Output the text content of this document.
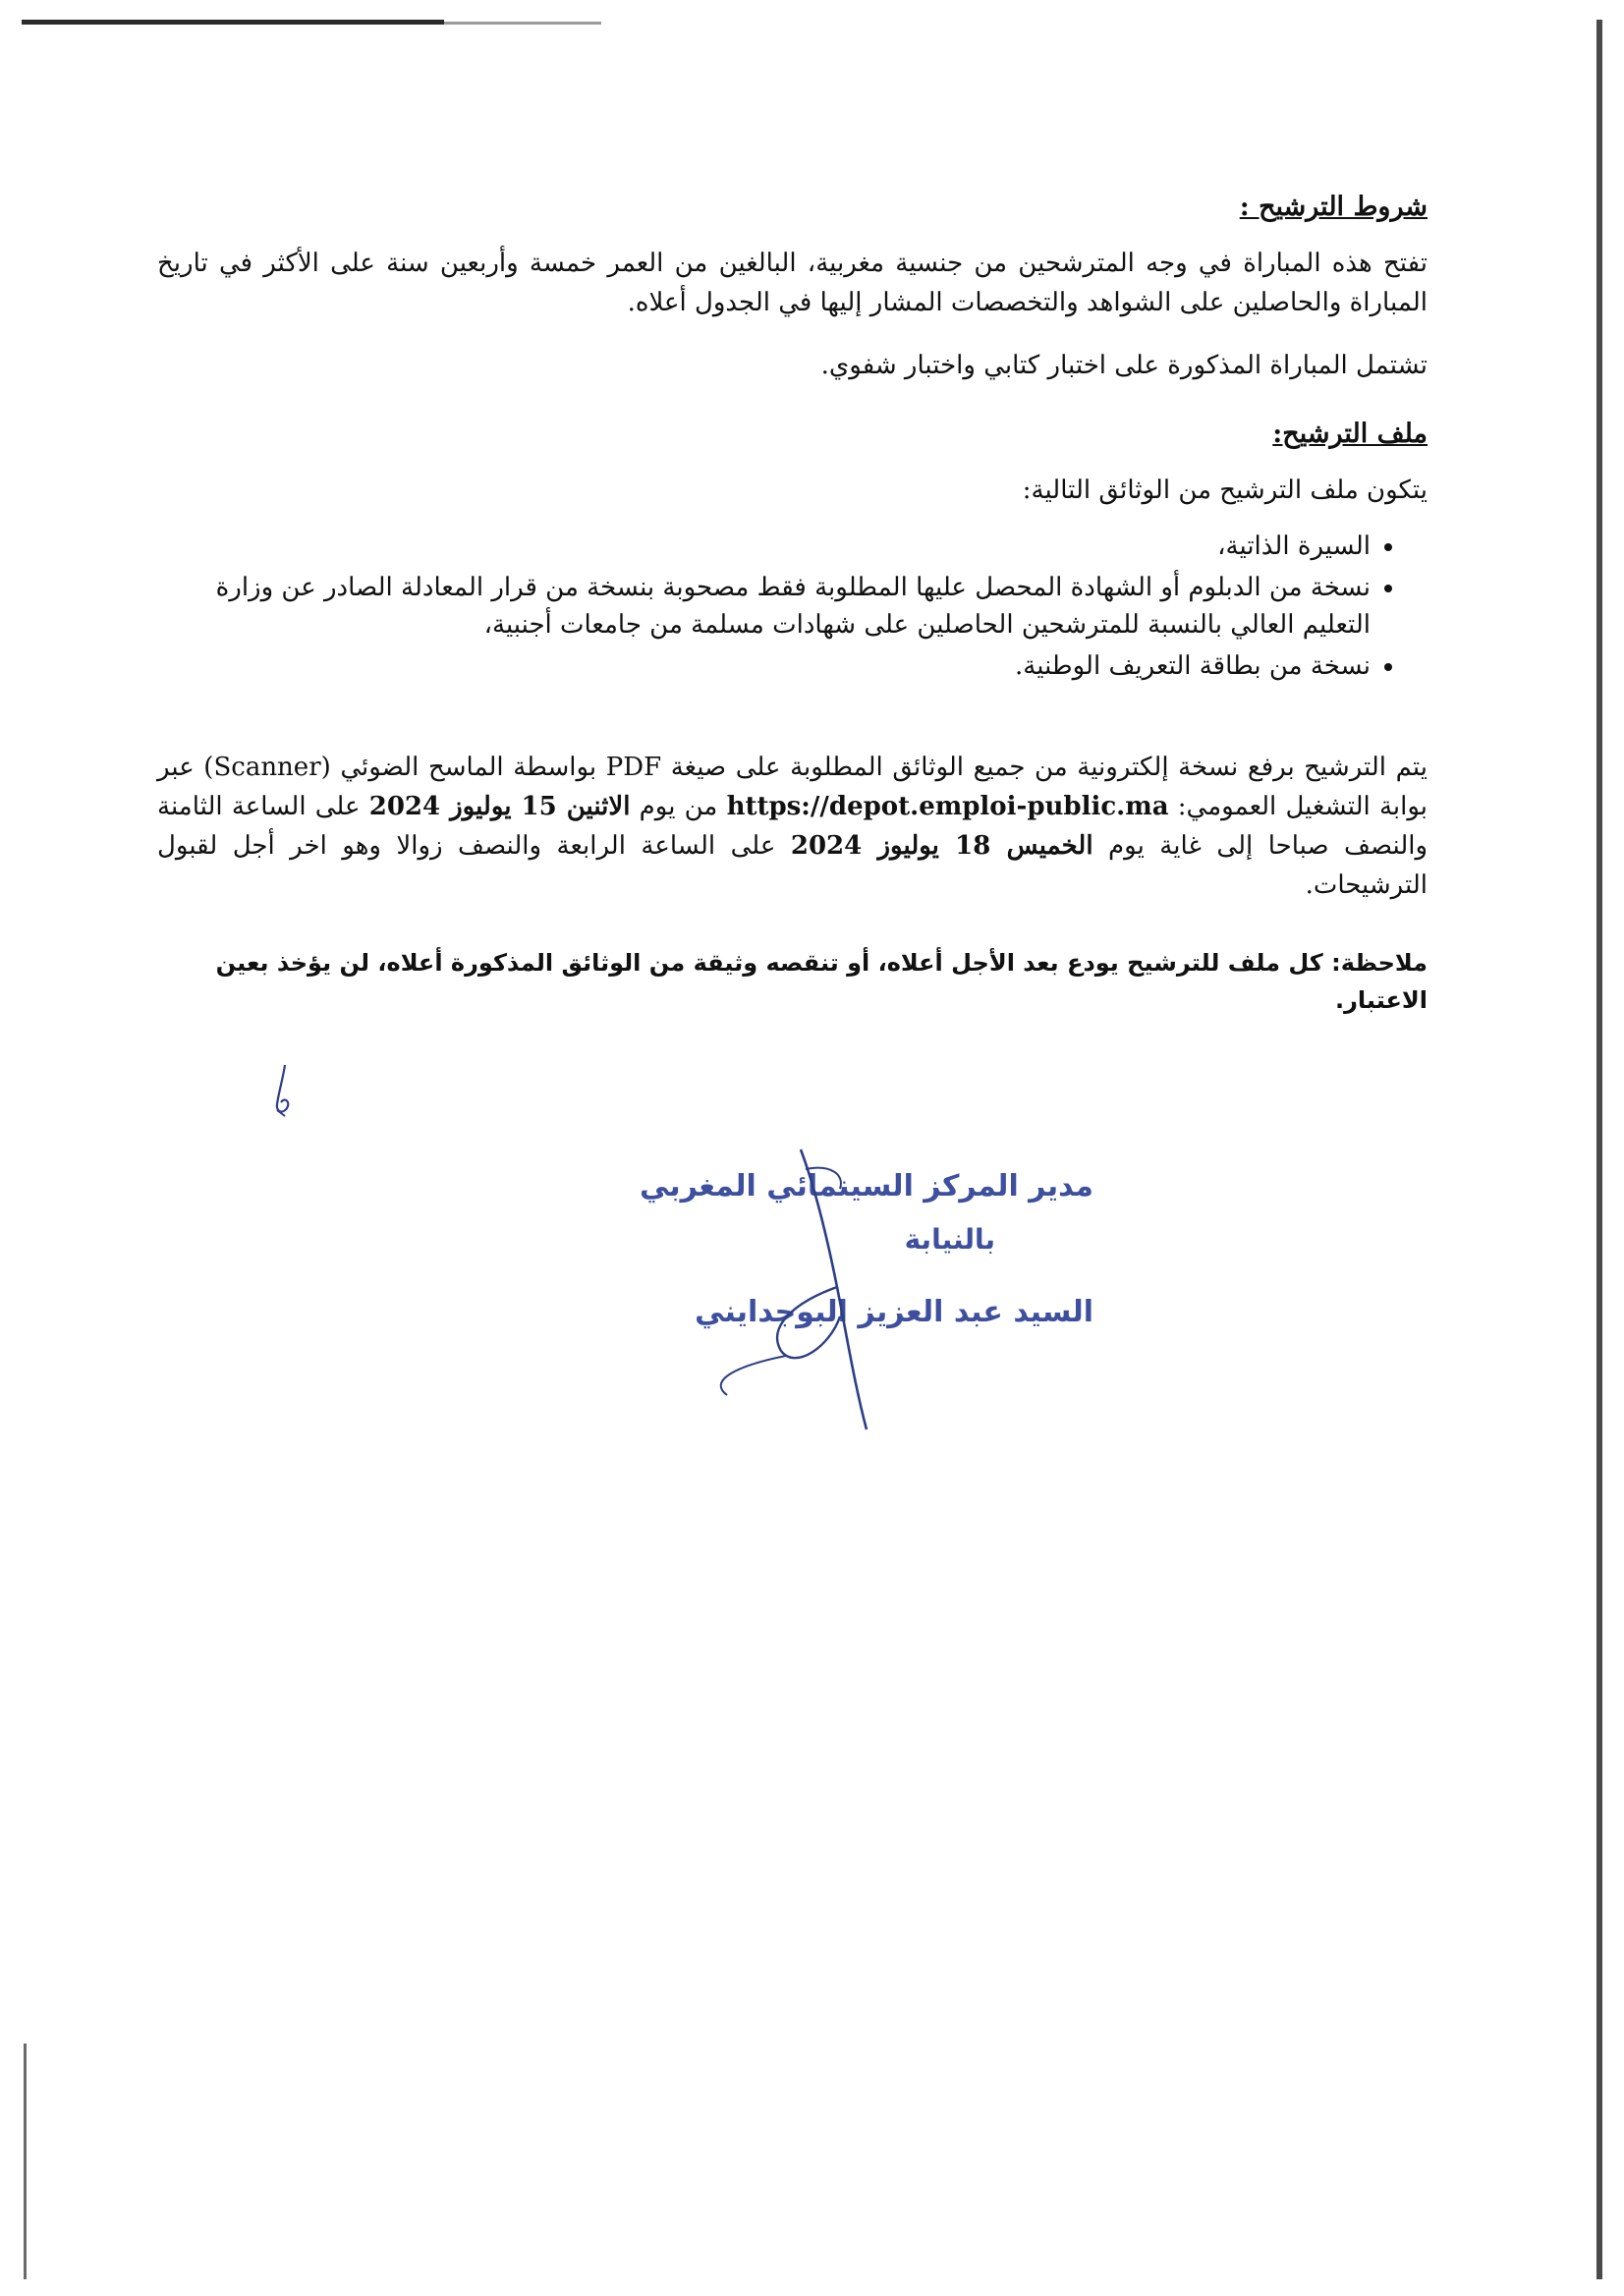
شروط الترشيح :

تفتح هذه المباراة في وجه المترشحين من جنسية مغربية، البالغين من العمر خمسة وأربعين سنة على الأكثر في تاريخ المباراة والحاصلين على الشواهد والتخصصات المشار إليها في الجدول أعلاه.

تشتمل المباراة المذكورة على اختبار كتابي واختبار شفوي.

ملف الترشيح:

يتكون ملف الترشيح من الوثائق التالية:

• السيرة الذاتية،
• نسخة من الدبلوم أو الشهادة المحصل عليها المطلوبة فقط مصحوبة بنسخة من قرار المعادلة الصادر عن وزارة التعليم العالي بالنسبة للمترشحين الحاصلين على شهادات مسلمة من جامعات أجنبية،
• نسخة من بطاقة التعريف الوطنية.

يتم الترشيح برفع نسخة إلكترونية من جميع الوثائق المطلوبة على صيغة PDF بواسطة الماسح الضوئي (Scanner) عبر بوابة التشغيل العمومي: https://depot.emploi-public.ma من يوم الاثنين 15 يوليوز 2024 على الساعة الثامنة والنصف صباحا إلى غاية يوم الخميس 18 يوليوز 2024 على الساعة الرابعة والنصف زوالا وهو اخر أجل لقبول الترشيحات.

ملاحظة: كل ملف للترشيح يودع بعد الأجل أعلاه، أو تنقصه وثيقة من الوثائق المذكورة أعلاه، لن يؤخذ بعين الاعتبار.

مدير المركز السينمائي المغربي
بالنيابة
السيد عبد العزيز البوجدايني
